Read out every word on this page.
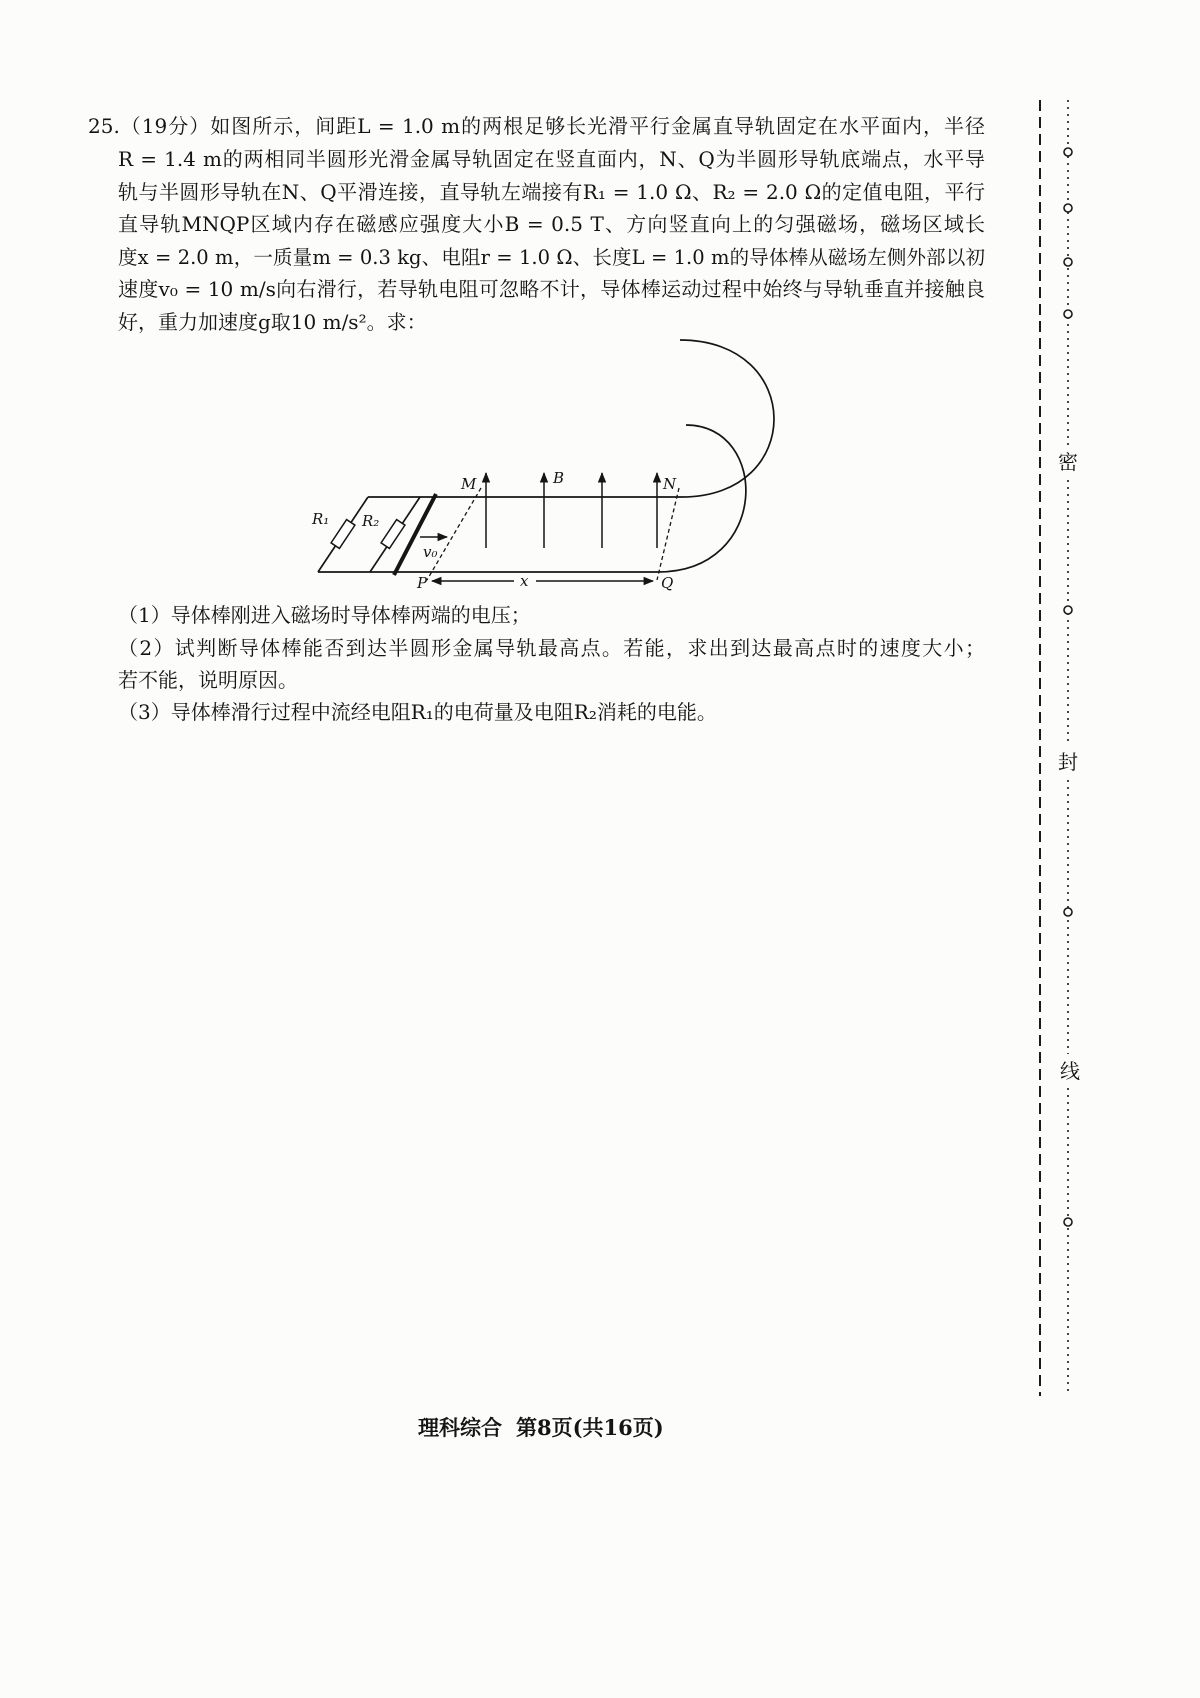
25.（19分）如图所示，间距L = 1.0 m的两根足够长光滑平行金属直导轨固定在水平面内，半径
R = 1.4 m的两相同半圆形光滑金属导轨固定在竖直面内，N、Q为半圆形导轨底端点，水平导
轨与半圆形导轨在N、Q平滑连接，直导轨左端接有R₁ = 1.0 Ω、R₂ = 2.0 Ω的定值电阻，平行
直导轨MNQP区域内存在磁感应强度大小B = 0.5 T、方向竖直向上的匀强磁场，磁场区域长
度x = 2.0 m，一质量m = 0.3 kg、电阻r = 1.0 Ω、长度L = 1.0 m的导体棒从磁场左侧外部以初
速度v₀ = 10 m/s向右滑行，若导轨电阻可忽略不计，导体棒运动过程中始终与导轨垂直并接触良
好，重力加速度g取10 m/s²。求：
M	N
P	Q
B
x
R₁ R₂
v₀
（1）导体棒刚进入磁场时导体棒两端的电压；
（2）试判断导体棒能否到达半圆形金属导轨最高点。若能，求出到达最高点时的速度大小；
若不能，说明原因。
（3）导体棒滑行过程中流经电阻R₁的电荷量及电阻R₂消耗的电能。
密
封
线
理科综合 第8页(共16页)
